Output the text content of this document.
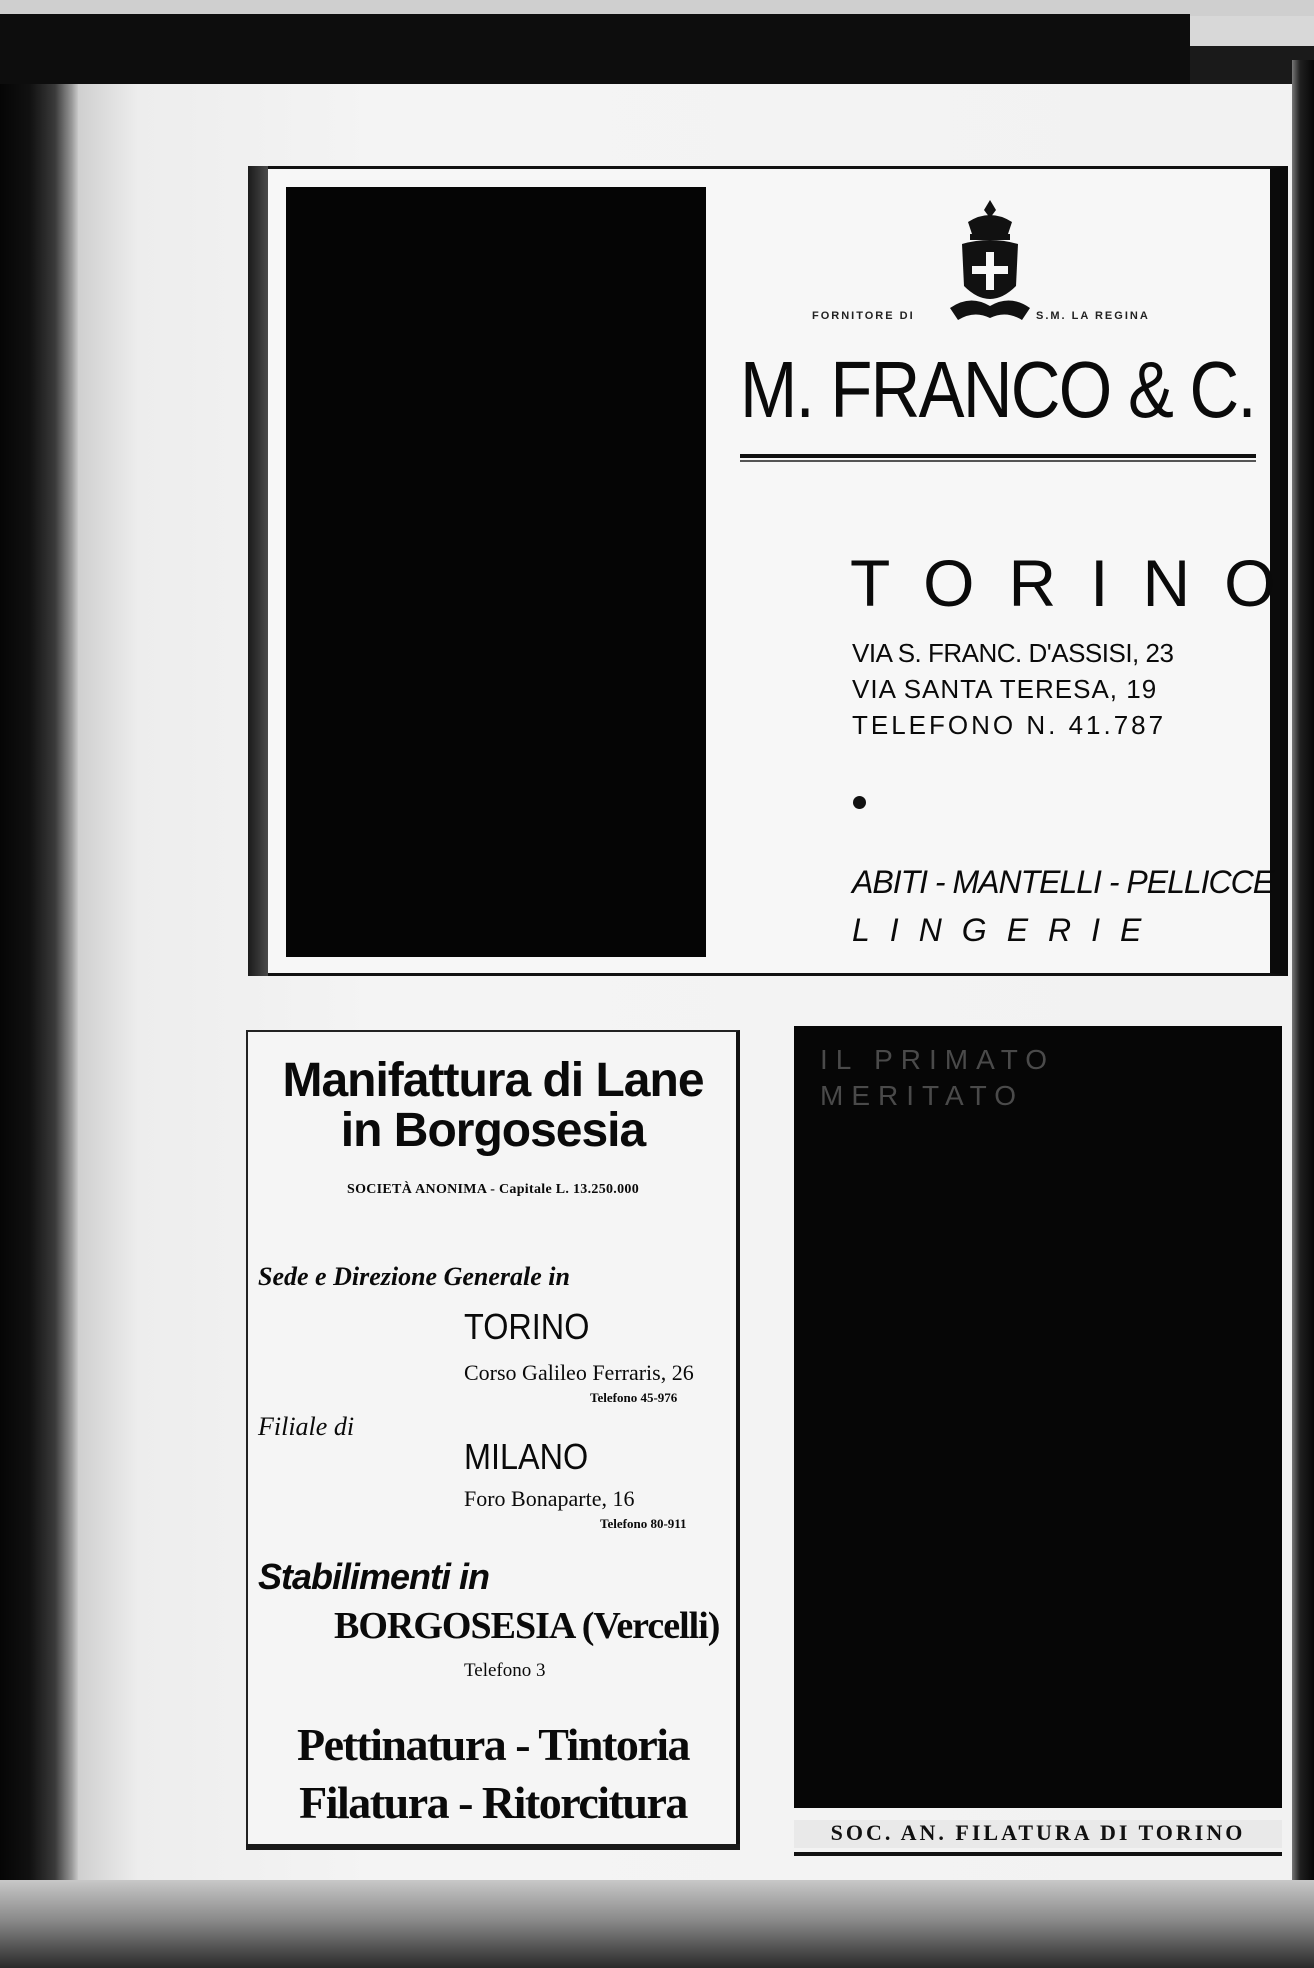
FORNITORE DI	S.M. LA REGINA
M. FRANCO & C.
TORINO
VIA S. FRANC. D'ASSISI, 23
VIA SANTA TERESA, 19
TELEFONO N. 41.787
ABITI - MANTELLI - PELLICCE
LINGERIE
Manifattura di Lane
in Borgosesia
SOCIETÀ ANONIMA - Capitale L. 13.250.000
Sede e Direzione Generale in
TORINO
Corso Galileo Ferraris, 26
Telefono 45-976
Filiale di
MILANO
Foro Bonaparte, 16
Telefono 80-911
Stabilimenti in
BORGOSESIA (Vercelli)
Telefono 3
Pettinatura - Tintoria
Filatura - Ritorcitura
IL PRIMATO
MERITATO
SOC. AN. FILATURA DI TORINO
